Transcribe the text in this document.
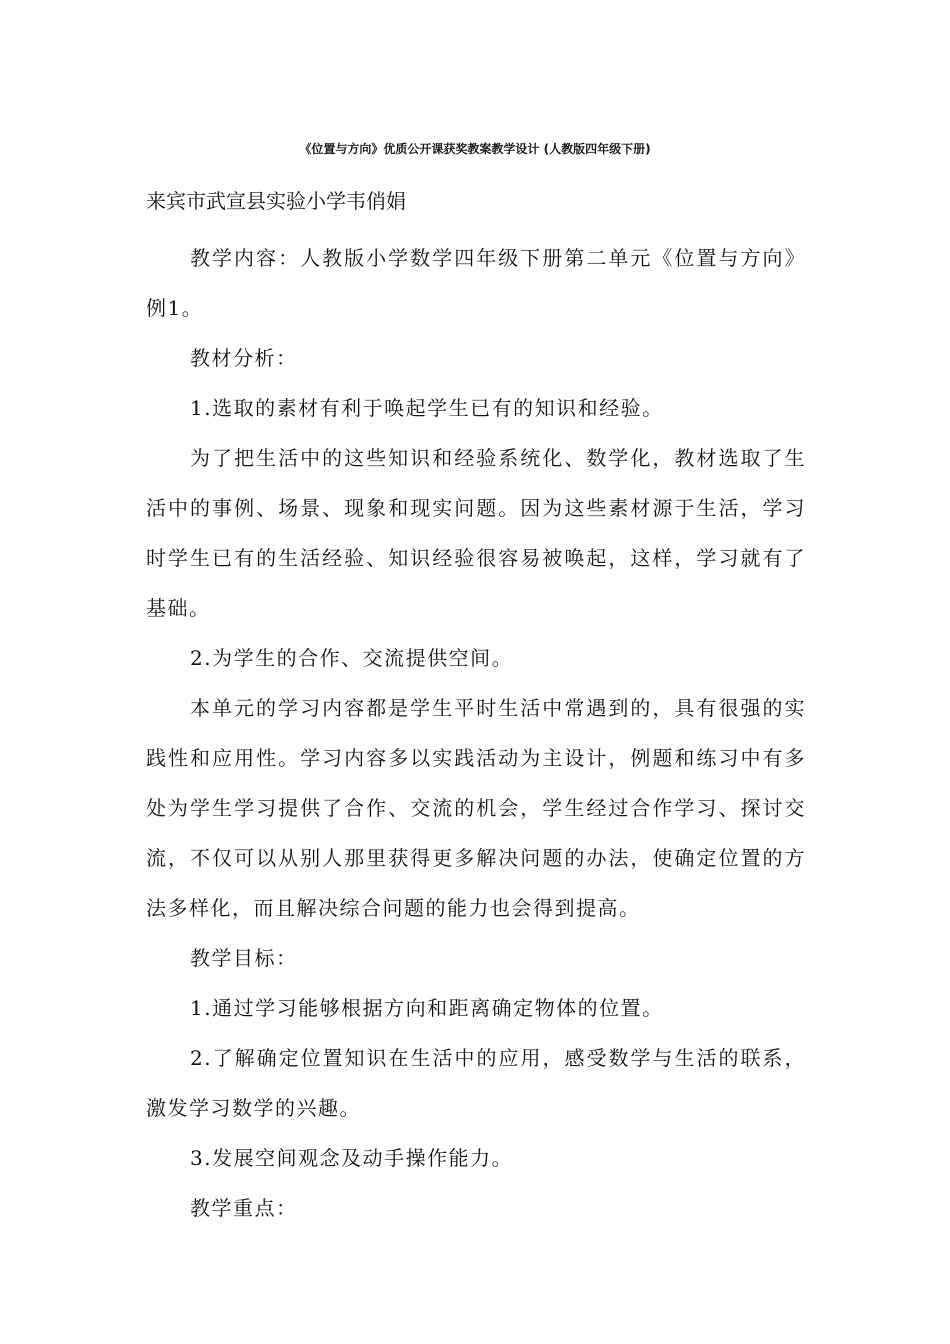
《位置与方向》优质公开课获奖教案教学设计 (人教版四年级下册)
来宾市武宣县实验小学韦俏娟

教学内容：人教版小学数学四年级下册第二单元《位置与方向》例1。

教材分析：

1.选取的素材有利于唤起学生已有的知识和经验。

为了把生活中的这些知识和经验系统化、数学化，教材选取了生活中的事例、场景、现象和现实问题。因为这些素材源于生活，学习时学生已有的生活经验、知识经验很容易被唤起，这样，学习就有了基础。

2.为学生的合作、交流提供空间。

本单元的学习内容都是学生平时生活中常遇到的，具有很强的实践性和应用性。学习内容多以实践活动为主设计，例题和练习中有多处为学生学习提供了合作、交流的机会，学生经过合作学习、探讨交流，不仅可以从别人那里获得更多解决问题的办法，使确定位置的方法多样化，而且解决综合问题的能力也会得到提高。

教学目标：

1.通过学习能够根据方向和距离确定物体的位置。

2.了解确定位置知识在生活中的应用，感受数学与生活的联系，激发学习数学的兴趣。

3.发展空间观念及动手操作能力。

教学重点：
